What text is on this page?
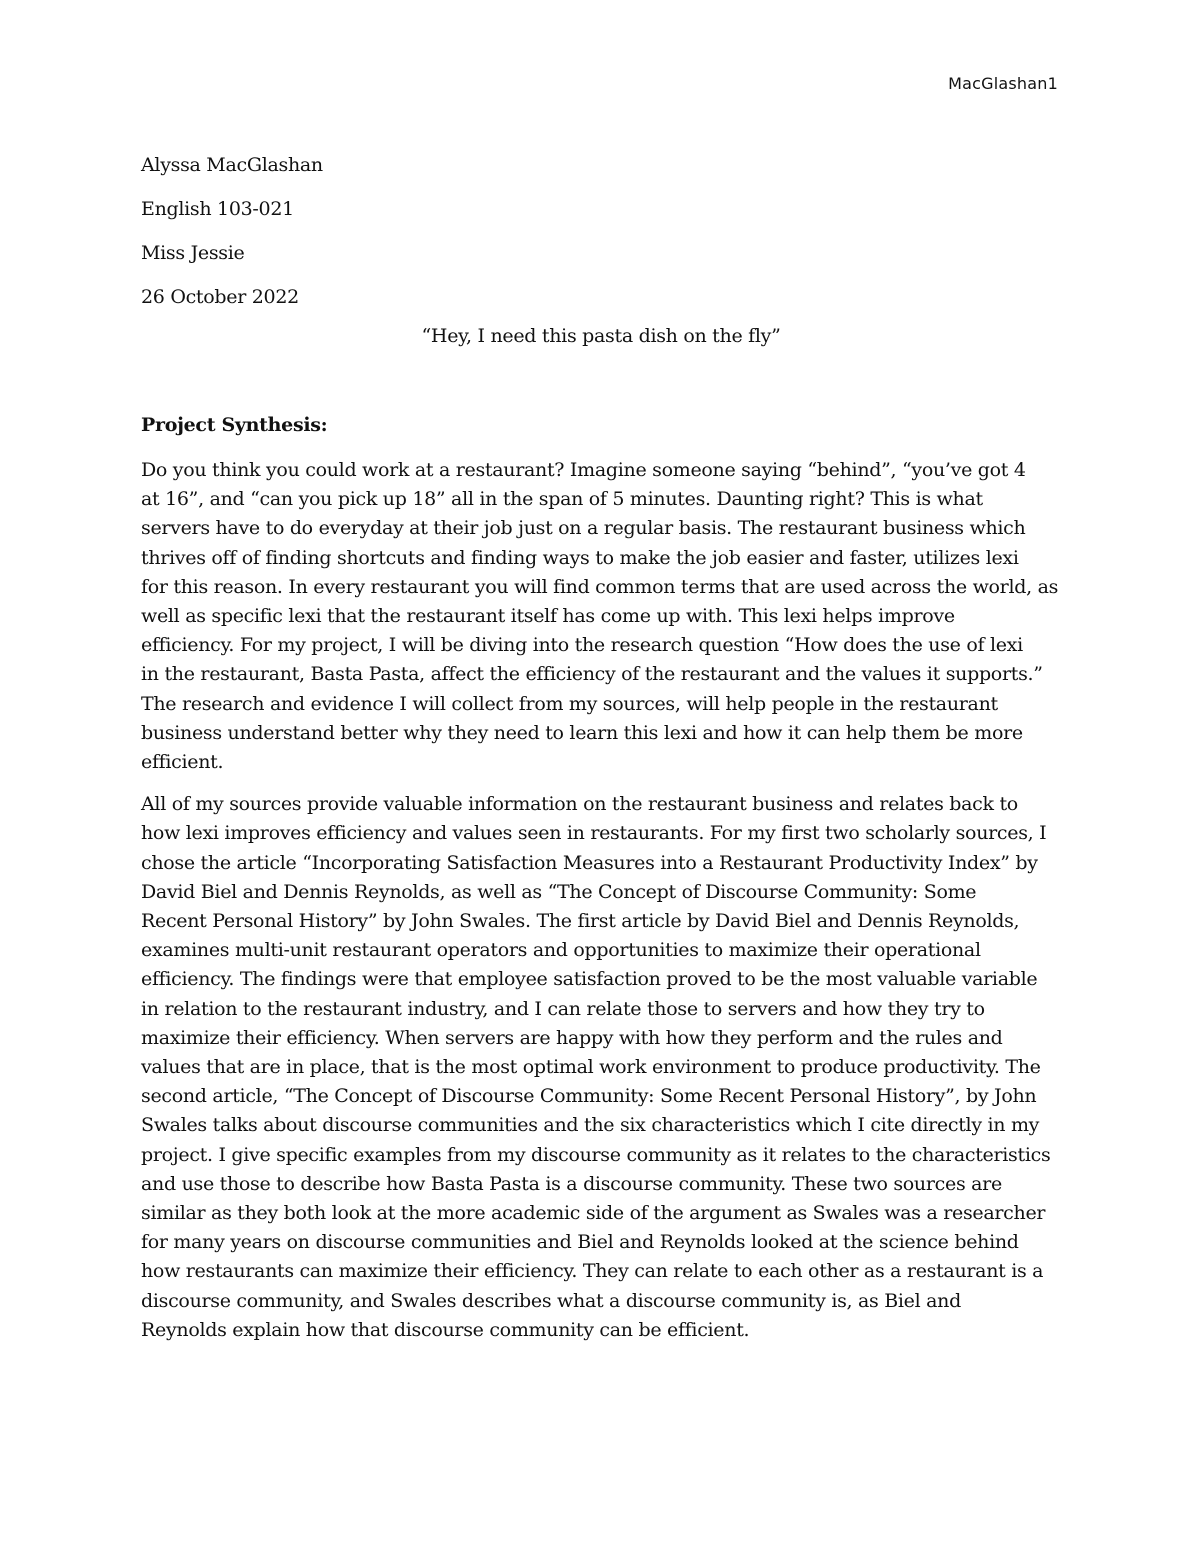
MacGlashan1
Alyssa MacGlashan
English 103-021
Miss Jessie
26 October 2022
“Hey, I need this pasta dish on the fly”
Project Synthesis:

Do you think you could work at a restaurant? Imagine someone saying “behind”, “you’ve got 4
at 16”, and “can you pick up 18” all in the span of 5 minutes. Daunting right? This is what
servers have to do everyday at their job just on a regular basis. The restaurant business which
thrives off of finding shortcuts and finding ways to make the job easier and faster, utilizes lexi
for this reason. In every restaurant you will find common terms that are used across the world, as
well as specific lexi that the restaurant itself has come up with. This lexi helps improve
efficiency. For my project, I will be diving into the research question “How does the use of lexi
in the restaurant, Basta Pasta, affect the efficiency of the restaurant and the values it supports.”
The research and evidence I will collect from my sources, will help people in the restaurant
business understand better why they need to learn this lexi and how it can help them be more
efficient.

All of my sources provide valuable information on the restaurant business and relates back to
how lexi improves efficiency and values seen in restaurants. For my first two scholarly sources, I
chose the article “Incorporating Satisfaction Measures into a Restaurant Productivity Index” by
David Biel and Dennis Reynolds, as well as “The Concept of Discourse Community: Some
Recent Personal History” by John Swales. The first article by David Biel and Dennis Reynolds,
examines multi-unit restaurant operators and opportunities to maximize their operational
efficiency. The findings were that employee satisfaction proved to be the most valuable variable
in relation to the restaurant industry, and I can relate those to servers and how they try to
maximize their efficiency. When servers are happy with how they perform and the rules and
values that are in place, that is the most optimal work environment to produce productivity. The
second article, “The Concept of Discourse Community: Some Recent Personal History”, by John
Swales talks about discourse communities and the six characteristics which I cite directly in my
project. I give specific examples from my discourse community as it relates to the characteristics
and use those to describe how Basta Pasta is a discourse community. These two sources are
similar as they both look at the more academic side of the argument as Swales was a researcher
for many years on discourse communities and Biel and Reynolds looked at the science behind
how restaurants can maximize their efficiency. They can relate to each other as a restaurant is a
discourse community, and Swales describes what a discourse community is, as Biel and
Reynolds explain how that discourse community can be efficient.
